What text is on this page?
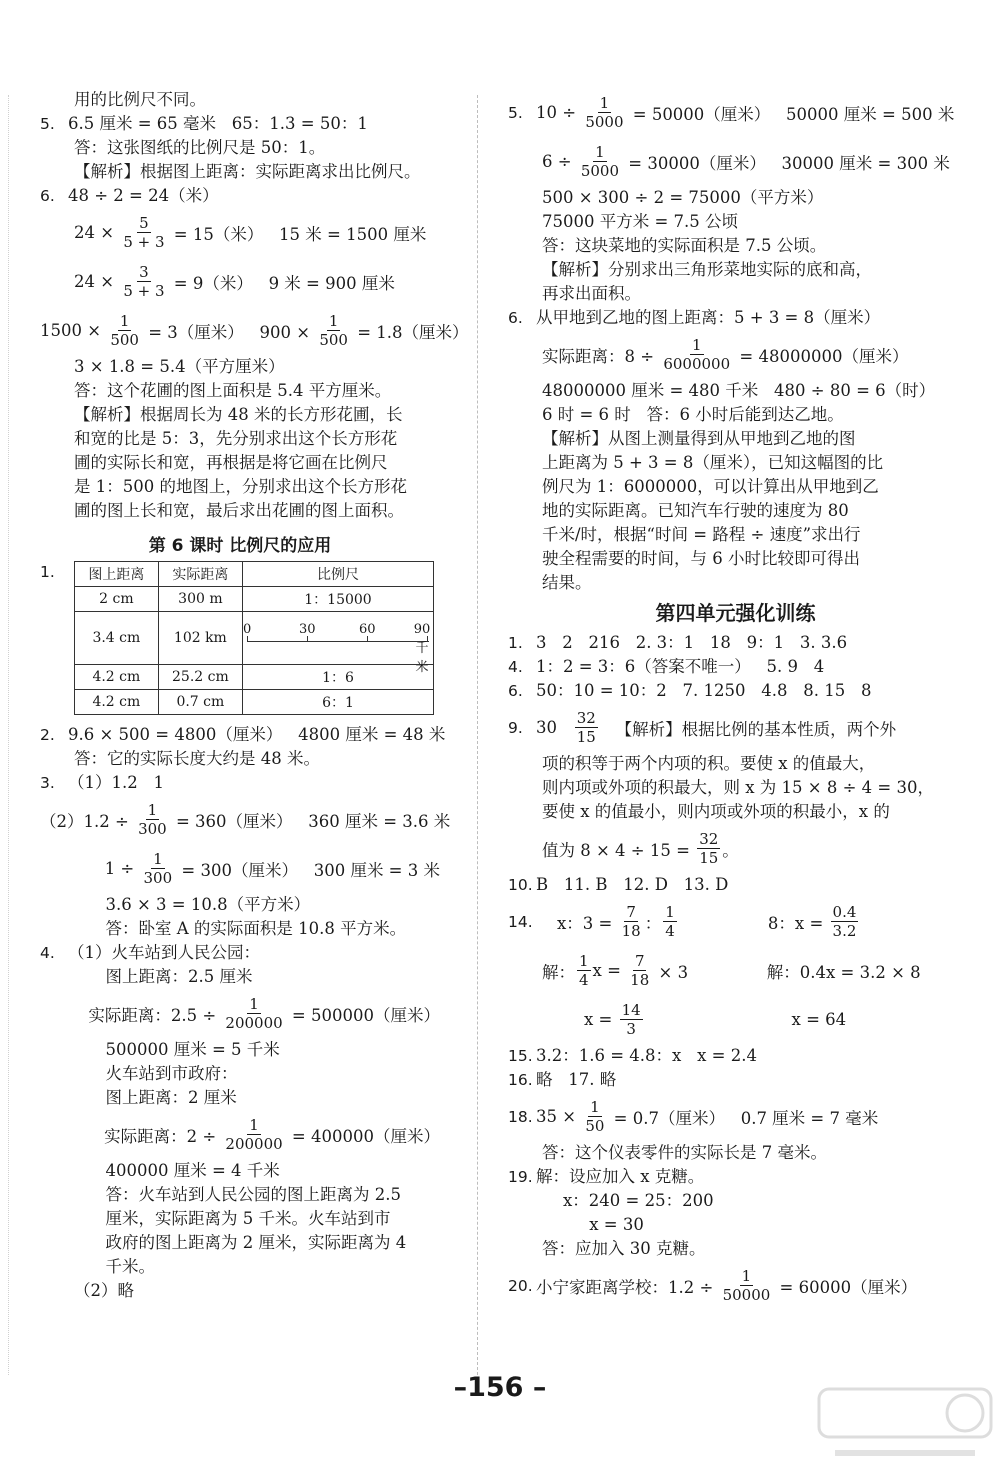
用的比例尺不同。
5. 6.5 厘米 = 65 毫米   65：1.3 = 50：1
答：这张图纸的比例尺是 50：1。
【解析】根据图上距离：实际距离求出比例尺。
6. 48 ÷ 2 = 24（米）
$24 \times \frac{5}{5 + 3} = 15$（米）   15 米 = 1500 厘米
$24 \times \frac{3}{5 + 3} = 9$（米）   9 米 = 900 厘米
$1500 \times \frac{1}{500} = 3$（厘米）   $900 \times \frac{1}{500} = 1.8$（厘米）
3 × 1.8 = 5.4（平方厘米）
答：这个花圃的图上面积是 5.4 平方厘米。
【解析】根据周长为 48 米的长方形花圃，长
和宽的比是 5：3，先分别求出这个长方形花
圃的实际长和宽，再根据是将它画在比例尺
是 1：500 的地图上，分别求出这个长方形花
圃的图上长和宽，最后求出花圃的图上面积。
第 6 课时 比例尺的应用
1.	图上距离	实际距离	比例尺
2 cm	300 m	1：15000
3.4 cm	102 km	0 30 60 90千米

4.2 cm	25.2 cm	1：6
4.2 cm	0.7 cm	6：1
2. 9.6 × 500 = 4800（厘米）   4800 厘米 = 48 米
答：它的实际长度大约是 48 米。
3. （1）1.2   1
$(2)1.2 \div \frac{1}{300} = 360$（厘米）   360 厘米 = 3.6 米
$1 \div \frac{1}{300} = 300$（厘米）   300 厘米 = 3 米
3.6 × 3 = 10.8（平方米）
答：卧室 A 的实际面积是 10.8 平方米。
4. （1）火车站到人民公园：
图上距离：2.5 厘米
实际距离：$2.5 \div \frac{1}{200000} = 500000$（厘米）
500000 厘米 = 5 千米
火车站到市政府：
图上距离：2 厘米
实际距离：$2 \div \frac{1}{200000} = 400000$（厘米）
400000 厘米 = 4 千米
答：火车站到人民公园的图上距离为 2.5
厘米，实际距离为 5 千米。火车站到市
政府的图上距离为 2 厘米，实际距离为 4
千米。
（2）略
5. $10 \div \frac{1}{5000} = 50000$（厘米）   50000 厘米 = 500 米
$6 \div \frac{1}{5000} = 30000$（厘米）   30000 厘米 = 300 米
500 × 300 ÷ 2 = 75000（平方米）
75000 平方米 = 7.5 公顷
答：这块菜地的实际面积是 7.5 公顷。
【解析】分别求出三角形菜地实际的底和高，
再求出面积。
6. 从甲地到乙地的图上距离：5 + 3 = 8（厘米）
实际距离：$8 \div \frac{1}{6000000} = 48000000$（厘米）
48000000 厘米 = 480 千米   480 ÷ 80 = 6（时）
6 时 = 6 时   答：6 小时后能到达乙地。
【解析】从图上测量得到从甲地到乙地的图
上距离为 5 + 3 = 8（厘米），已知这幅图的比
例尺为 1：6000000，可以计算出从甲地到乙
地的实际距离。已知汽车行驶的速度为 80
千米/时，根据“时间 = 路程 ÷ 速度”求出行
驶全程需要的时间，与 6 小时比较即可得出
结果。
第四单元强化训练
1. 3   2   216   2. 3：1   18   9：1   3. 3.6
4. 1：2 = 3：6（答案不唯一）   5. 9   4
6. 50：10 = 10：2   7. 1250   4.8   8. 15   8
9. $30 \frac{32}{15}$ 【解析】根据比例的基本性质，两个外
项的积等于两个内项的积。要使 x 的值最大，
则内项或外项的积最大，则 x 为 15 × 8 ÷ 4 = 30，
要使 x 的值最小，则内项或外项的积最小，x 的
值为 $8 \times 4 \div 15 = \frac{32}{15}$ 。
10. B   11. B   12. D   13. D
14. x：$3 = \frac{7}{18}$ ： $\frac{1}{4} 8$：$x = \frac{0.4}{3.2}$
解： $\frac{1}{4}$ $x = \frac{7}{18} \times 3$               解：0.4x = 3.2 × 8
$x = \frac{14}{3}$ x = 64
15. 3.2：1.6 = 4.8：x   x = 2.4
16. 略   17. 略
18. $35 \times \frac{1}{50} = 0.7$（厘米）   0.7 厘米 = 7 毫米
答：这个仪表零件的实际长是 7 毫米。
19. 解：设应加入 x 克糖。
x：240 = 25：200
x = 30
答：应加入 30 克糖。
20. 小宁家距离学校：$1.2 \div \frac{1}{50000} = 60000$（厘米）
–156 –
